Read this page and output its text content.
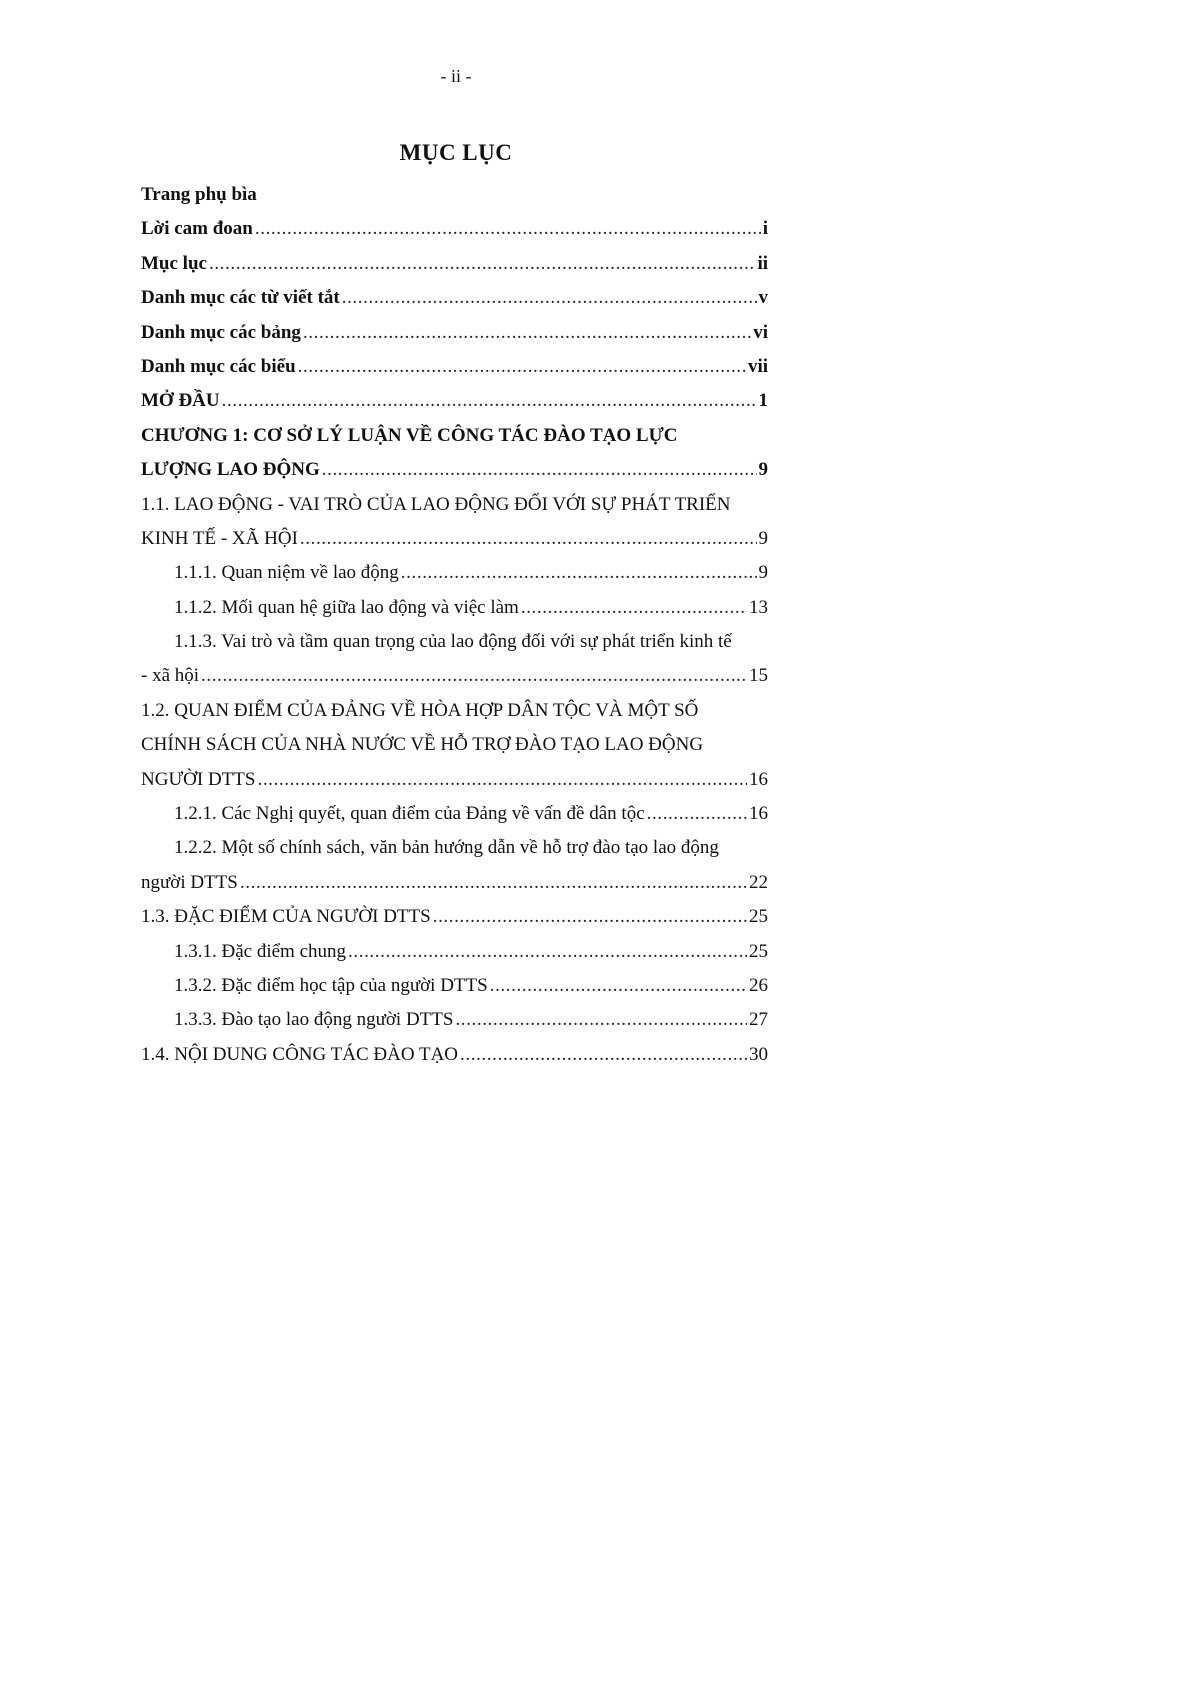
- ii -
MỤC LỤC
Trang phụ bìa
Lời cam đoan .....	i
Mục lục .....	ii
Danh mục các từ viết tắt .....	v
Danh mục các bảng .....	vi
Danh mục các biểu .....	vii
MỞ ĐẦU .....	1
CHƯƠNG 1: CƠ SỞ LÝ LUẬN VỀ CÔNG TÁC ĐÀO TẠO LỰC
LƯỢNG LAO ĐỘNG .....	9
1.1. LAO ĐỘNG - VAI TRÒ CỦA LAO ĐỘNG ĐỐI VỚI SỰ PHÁT TRIỂN
KINH TẾ - XÃ HỘI .....	9
1.1.1. Quan niệm về lao động .....	9
1.1.2. Mối quan hệ giữa lao động và việc làm .....	13
1.1.3. Vai trò và tầm quan trọng của lao động đối với sự phát triển kinh tế
- xã hội .....	15
1.2. QUAN ĐIỂM CỦA ĐẢNG VỀ HÒA HỢP DÂN TỘC VÀ MỘT SỐ
CHÍNH SÁCH CỦA NHÀ NƯỚC VỀ HỖ TRỢ ĐÀO TẠO LAO ĐỘNG
NGƯỜI DTTS .....	16
1.2.1. Các Nghị quyết, quan điểm của Đảng về vấn đề dân tộc .....	16
1.2.2. Một số chính sách, văn bản hướng dẫn về hỗ trợ đào tạo lao động
người DTTS .....	22
1.3. ĐẶC ĐIỂM CỦA NGƯỜI DTTS .....	25
1.3.1. Đặc điểm chung .....	25
1.3.2. Đặc điểm học tập của người DTTS .....	26
1.3.3. Đào tạo lao động người DTTS .....	27
1.4. NỘI DUNG CÔNG TÁC ĐÀO TẠO .....	30
